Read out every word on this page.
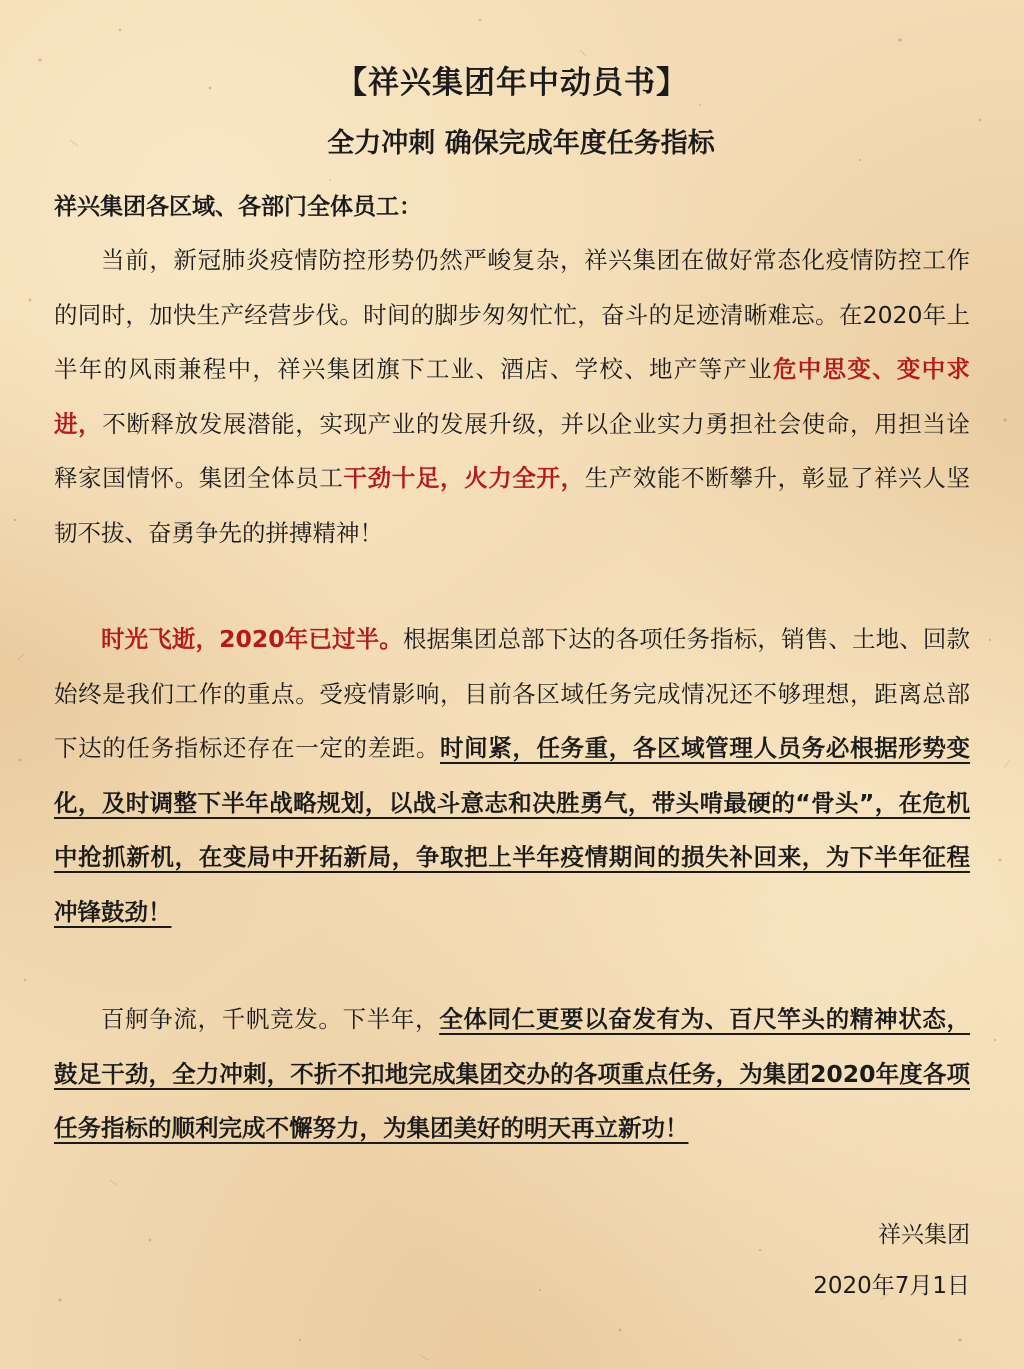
【祥兴集团年中动员书】
全力冲刺 确保完成年度任务指标

祥兴集团各区域、各部门全体员工：

当前，新冠肺炎疫情防控形势仍然严峻复杂，祥兴集团在做好常态化疫情防控工作的同时，加快生产经营步伐。时间的脚步匆匆忙忙，奋斗的足迹清晰难忘。在2020年上半年的风雨兼程中，祥兴集团旗下工业、酒店、学校、地产等产业危中思变、变中求进，不断释放发展潜能，实现产业的发展升级，并以企业实力勇担社会使命，用担当诠释家国情怀。集团全体员工干劲十足，火力全开，生产效能不断攀升，彰显了祥兴人坚韧不拔、奋勇争先的拼搏精神！

时光飞逝，2020年已过半。根据集团总部下达的各项任务指标，销售、土地、回款始终是我们工作的重点。受疫情影响，目前各区域任务完成情况还不够理想，距离总部下达的任务指标还存在一定的差距。时间紧，任务重，各区域管理人员务必根据形势变化，及时调整下半年战略规划，以战斗意志和决胜勇气，带头啃最硬的“骨头”，在危机中抢抓新机，在变局中开拓新局，争取把上半年疫情期间的损失补回来，为下半年征程冲锋鼓劲！

百舸争流，千帆竞发。下半年，全体同仁更要以奋发有为、百尺竿头的精神状态，鼓足干劲，全力冲刺，不折不扣地完成集团交办的各项重点任务，为集团2020年度各项任务指标的顺利完成不懈努力，为集团美好的明天再立新功！

祥兴集团

2020年7月1日
